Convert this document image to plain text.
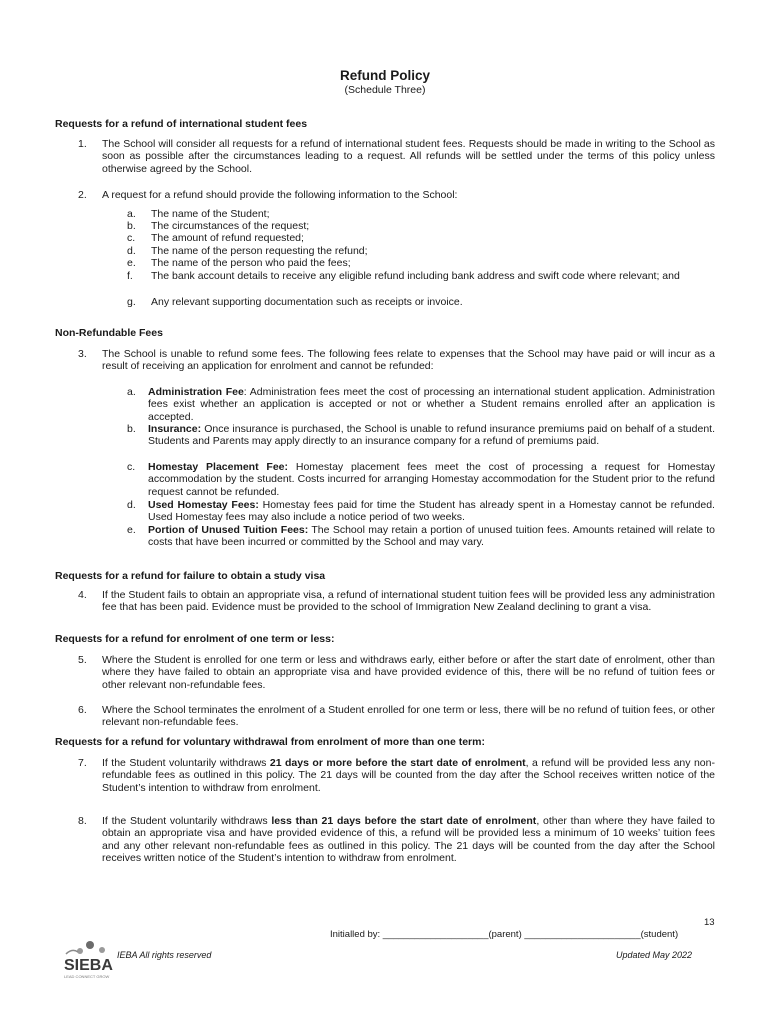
Refund Policy
(Schedule Three)
Requests for a refund of international student fees
1. The School will consider all requests for a refund of international student fees. Requests should be made in writing to the School as soon as possible after the circumstances leading to a request. All refunds will be settled under the terms of this policy unless otherwise agreed by the School.
2. A request for a refund should provide the following information to the School:
a. The name of the Student;
b. The circumstances of the request;
c. The amount of refund requested;
d. The name of the person requesting the refund;
e. The name of the person who paid the fees;
f. The bank account details to receive any eligible refund including bank address and swift code where relevant; and
g. Any relevant supporting documentation such as receipts or invoice.
Non-Refundable Fees
3. The School is unable to refund some fees. The following fees relate to expenses that the School may have paid or will incur as a result of receiving an application for enrolment and cannot be refunded:
a. Administration Fee: Administration fees meet the cost of processing an international student application. Administration fees exist whether an application is accepted or not or whether a Student remains enrolled after an application is accepted.
b. Insurance: Once insurance is purchased, the School is unable to refund insurance premiums paid on behalf of a student. Students and Parents may apply directly to an insurance company for a refund of premiums paid.
c. Homestay Placement Fee: Homestay placement fees meet the cost of processing a request for Homestay accommodation by the student. Costs incurred for arranging Homestay accommodation for the Student prior to the refund request cannot be refunded.
d. Used Homestay Fees: Homestay fees paid for time the Student has already spent in a Homestay cannot be refunded. Used Homestay fees may also include a notice period of two weeks.
e. Portion of Unused Tuition Fees: The School may retain a portion of unused tuition fees. Amounts retained will relate to costs that have been incurred or committed by the School and may vary.
Requests for a refund for failure to obtain a study visa
4. If the Student fails to obtain an appropriate visa, a refund of international student tuition fees will be provided less any administration fee that has been paid. Evidence must be provided to the school of Immigration New Zealand declining to grant a visa.
Requests for a refund for enrolment of one term or less:
5. Where the Student is enrolled for one term or less and withdraws early, either before or after the start date of enrolment, other than where they have failed to obtain an appropriate visa and have provided evidence of this, there will be no refund of tuition fees or other relevant non-refundable fees.
6. Where the School terminates the enrolment of a Student enrolled for one term or less, there will be no refund of tuition fees, or other relevant non-refundable fees.
Requests for a refund for voluntary withdrawal from enrolment of more than one term:
7. If the Student voluntarily withdraws 21 days or more before the start date of enrolment, a refund will be provided less any non-refundable fees as outlined in this policy. The 21 days will be counted from the day after the School receives written notice of the Student’s intention to withdraw from enrolment.
8. If the Student voluntarily withdraws less than 21 days before the start date of enrolment, other than where they have failed to obtain an appropriate visa and have provided evidence of this, a refund will be provided less a minimum of 10 weeks’ tuition fees and any other relevant non-refundable fees as outlined in this policy. The 21 days will be counted from the day after the School receives written notice of the Student’s intention to withdraw from enrolment.
13
Initialled by: ____________________(parent) ______________________(student)
SIEBA
LEAD CONNECT GROW
IEBA All rights reserved	Updated May 2022
